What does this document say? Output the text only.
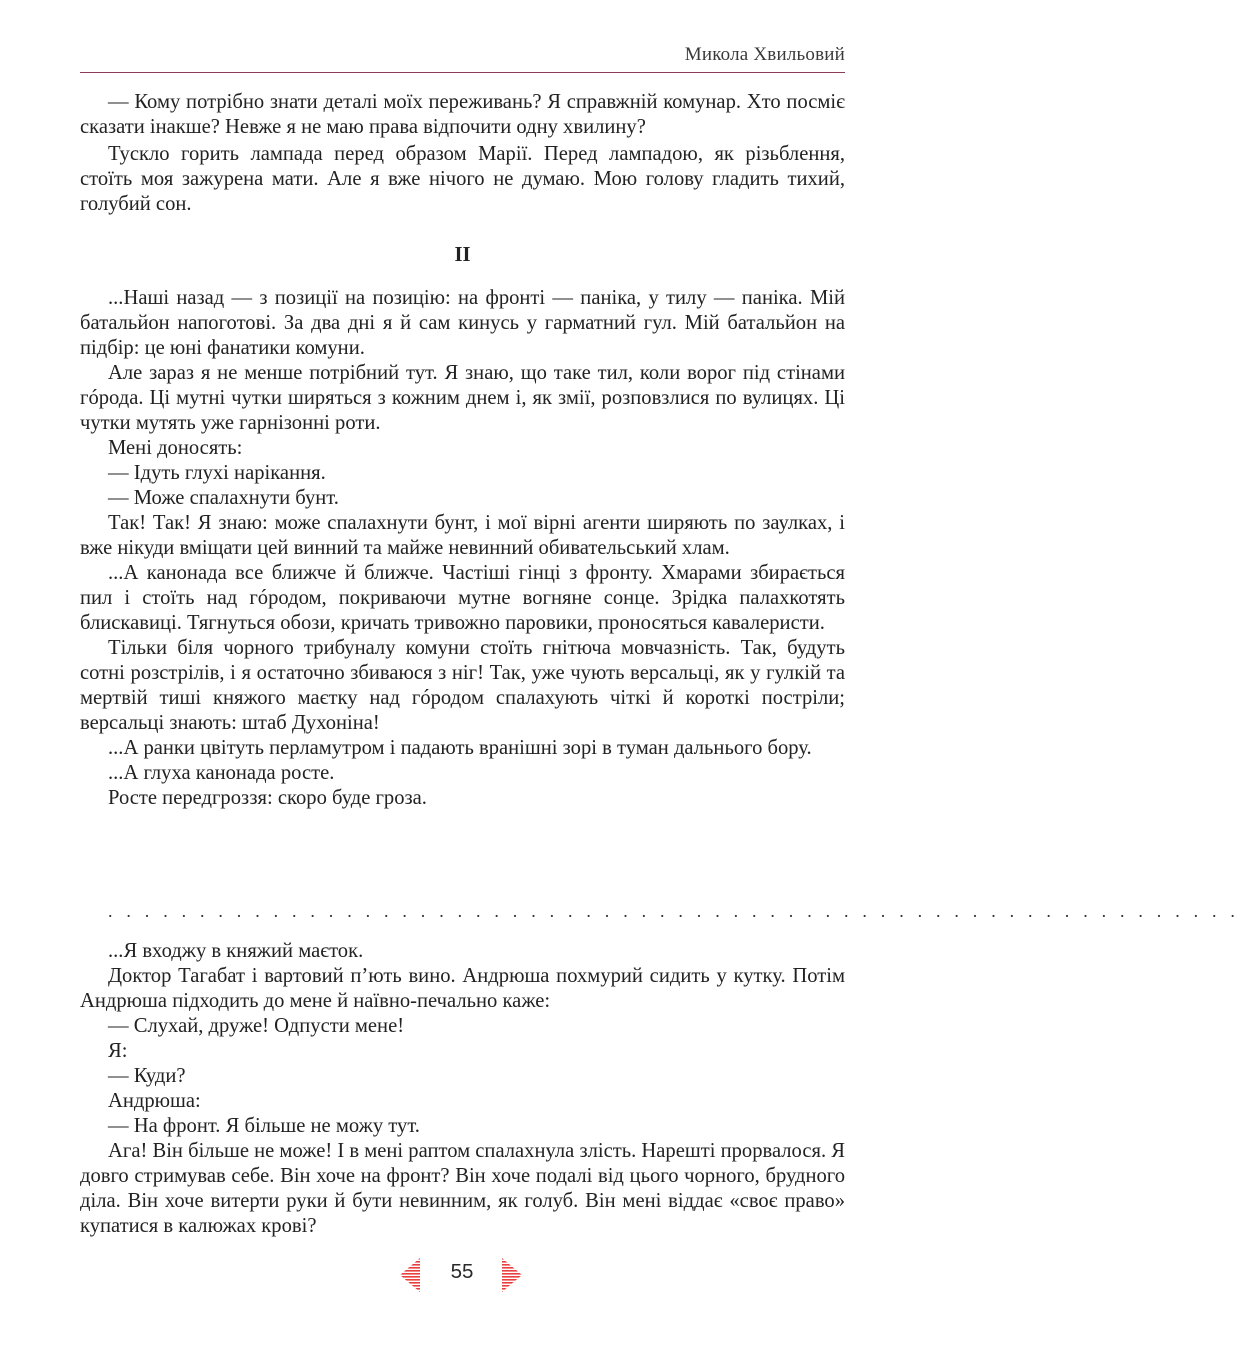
Микола Хвильовий

— Кому потрібно знати деталі моїх переживань? Я справжній комунар. Хто посміє сказати інакше? Невже я не маю права відпочити одну хвилину?

Тускло горить лампада перед образом Марії. Перед лампадою, як різьблення, стоїть моя зажурена мати. Але я вже нічого не думаю. Мою голову гладить тихий, голубий сон.

II

...Наші назад — з позиції на позицію: на фронті — паніка, у тилу — паніка. Мій батальйон напоготові. За два дні я й сам кинусь у гарматний гул. Мій батальйон на підбір: це юні фанатики комуни.

Але зараз я не менше потрібний тут. Я знаю, що таке тил, коли ворог під стінами гóрода. Ці мутні чутки ширяться з кожним днем і, як змії, розповзлися по вулицях. Ці чутки мутять уже гарнізонні роти.

Мені доносять:

— Ідуть глухі нарікання.

— Може спалахнути бунт.

Так! Так! Я знаю: може спалахнути бунт, і мої вірні агенти ширяють по заулках, і вже нікуди вміщати цей винний та майже невинний обивательський хлам.

...А канонада все ближче й ближче. Частіші гінці з фронту. Хмарами збирається пил і стоїть над гóродом, покриваючи мутне вогняне сонце. Зрідка палахкотять блискавиці. Тягнуться обози, кричать тривожно паровики, проносяться кавалеристи.

Тільки біля чорного трибуналу комуни стоїть гнітюча мовчазність. Так, будуть сотні розстрілів, і я остаточно збиваюся з ніг! Так, уже чують версальці, як у гулкій та мертвій тиші княжого маєтку над гóродом спалахують чіткі й короткі постріли; версальці знають: штаб Духоніна!

...А ранки цвітуть перламутром і падають вранішні зорі в туман дальнього бору.

...А глуха канонада росте.

Росте передгроззя: скоро буде гроза.

. . . . . . . . . . . . . . . . . . . . . . . . . . . . . . . . . . . . . . . . . . . . . . . . . . . . . . . . . . . . . .

...Я входжу в княжий маєток.

Доктор Тагабат і вартовий п’ють вино. Андрюша похмурий сидить у кутку. Потім Андрюша підходить до мене й наївно-печально каже:

— Слухай, друже! Одпусти мене!

Я:

— Куди?

Андрюша:

— На фронт. Я більше не можу тут.

Ага! Він більше не може! І в мені раптом спалахнула злість. Нарешті прорвалося. Я довго стримував себе. Він хоче на фронт? Він хоче подалі від цього чорного, брудного діла. Він хоче витерти руки й бути невинним, як голуб. Він мені віддає «своє право» купатися в калюжах крові?

55
